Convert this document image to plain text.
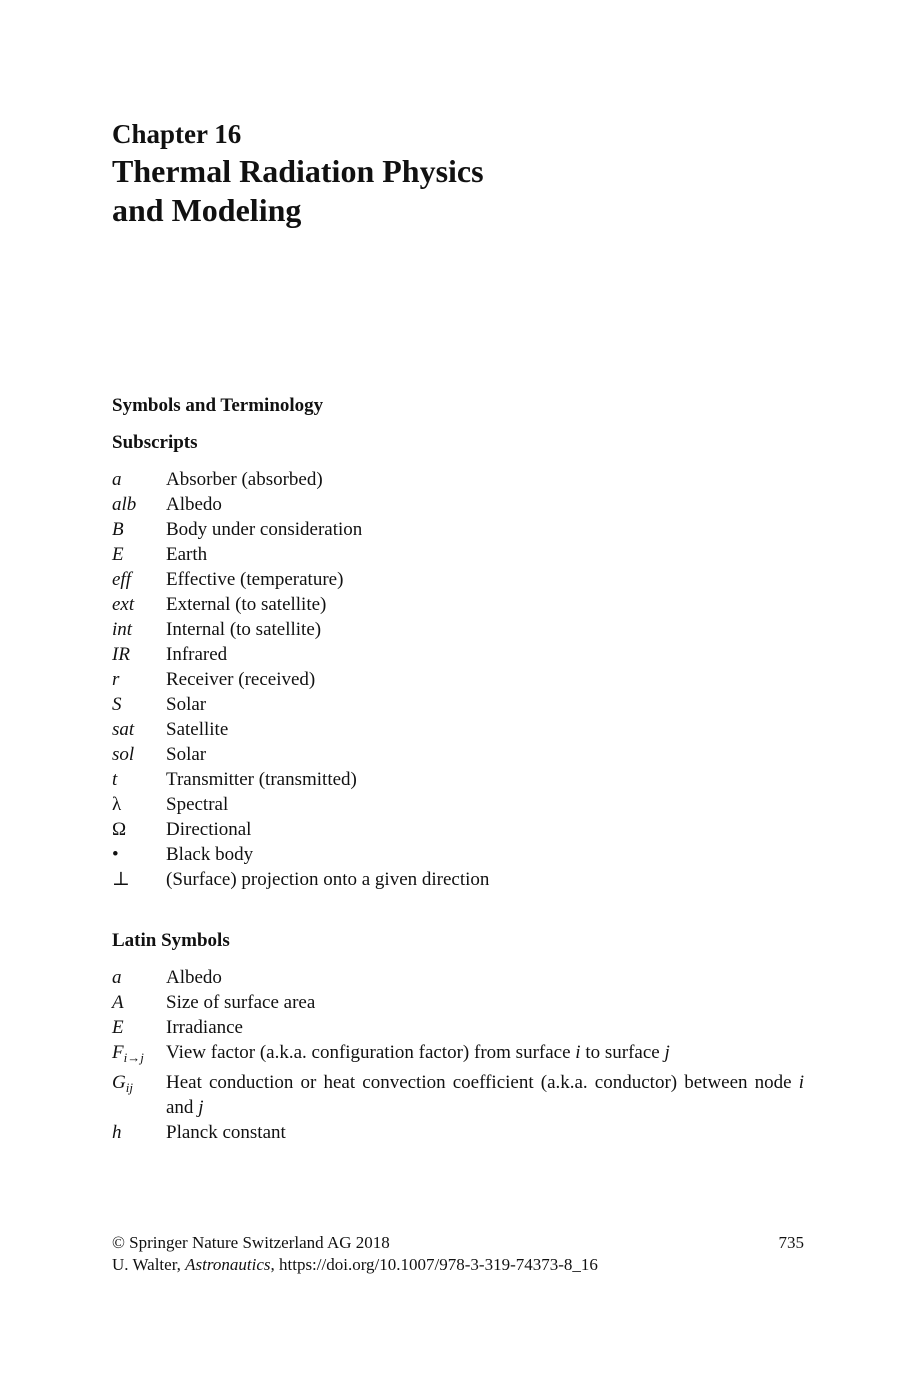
Chapter 16
Thermal Radiation Physics
and Modeling
Symbols and Terminology
Subscripts
a	Absorber (absorbed)
alb	Albedo
B	Body under consideration
E	Earth
eff	Effective (temperature)
ext	External (to satellite)
int	Internal (to satellite)
IR	Infrared
r	Receiver (received)
S	Solar
sat	Satellite
sol	Solar
t	Transmitter (transmitted)
λ	Spectral
Ω	Directional
•	Black body
⊥	(Surface) projection onto a given direction
Latin Symbols
a	Albedo
A	Size of surface area
E	Irradiance
$F_{i\to j}$	View factor (a.k.a. configuration factor) from surface i to surface j
$G_{ij}$	Heat conduction or heat convection coefficient (a.k.a. conductor) between node i and j
h	Planck constant
© Springer Nature Switzerland AG 2018	735
U. Walter, Astronautics, https://doi.org/10.1007/978-3-319-74373-8_16
